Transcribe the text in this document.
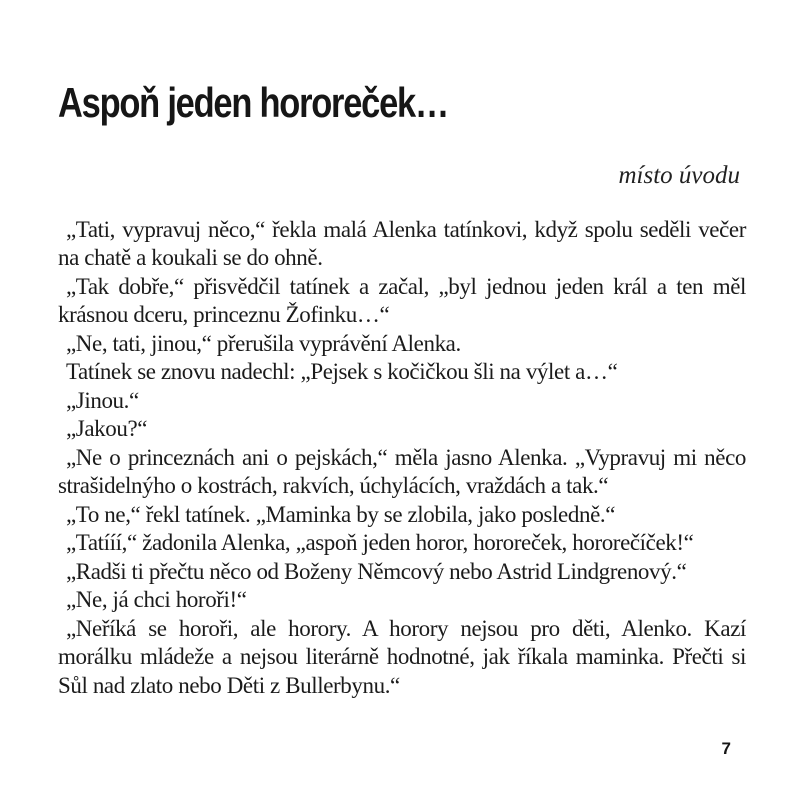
Aspoň jeden hororeček…
místo úvodu

„Tati, vypravuj něco,“ řekla malá Alenka tatínkovi, když spolu seděli večer na chatě a koukali se do ohně.

„Tak dobře,“ přisvědčil tatínek a začal, „byl jednou jeden král a ten měl krásnou dceru, princeznu Žofinku…“

„Ne, tati, jinou,“ přerušila vyprávění Alenka.

Tatínek se znovu nadechl: „Pejsek s kočičkou šli na výlet a…“

„Jinou.“

„Jakou?“

„Ne o princeznách ani o pejskách,“ měla jasno Alenka. „Vypravuj mi něco strašidelnýho o kostrách, rakvích, úchylácích, vraždách a tak.“

„To ne,“ řekl tatínek. „Maminka by se zlobila, jako posledně.“

„Tatííí,“ žadonila Alenka, „aspoň jeden horor, hororeček, hororečíček!“

„Radši ti přečtu něco od Boženy Němcový nebo Astrid Lindgrenový.“

„Ne, já chci horoři!“

„Neříká se horoři, ale horory. A horory nejsou pro děti, Alenko. Kazí morálku mládeže a nejsou literárně hodnotné, jak říkala maminka. Přečti si Sůl nad zlato nebo Děti z Bullerbynu.“

7
